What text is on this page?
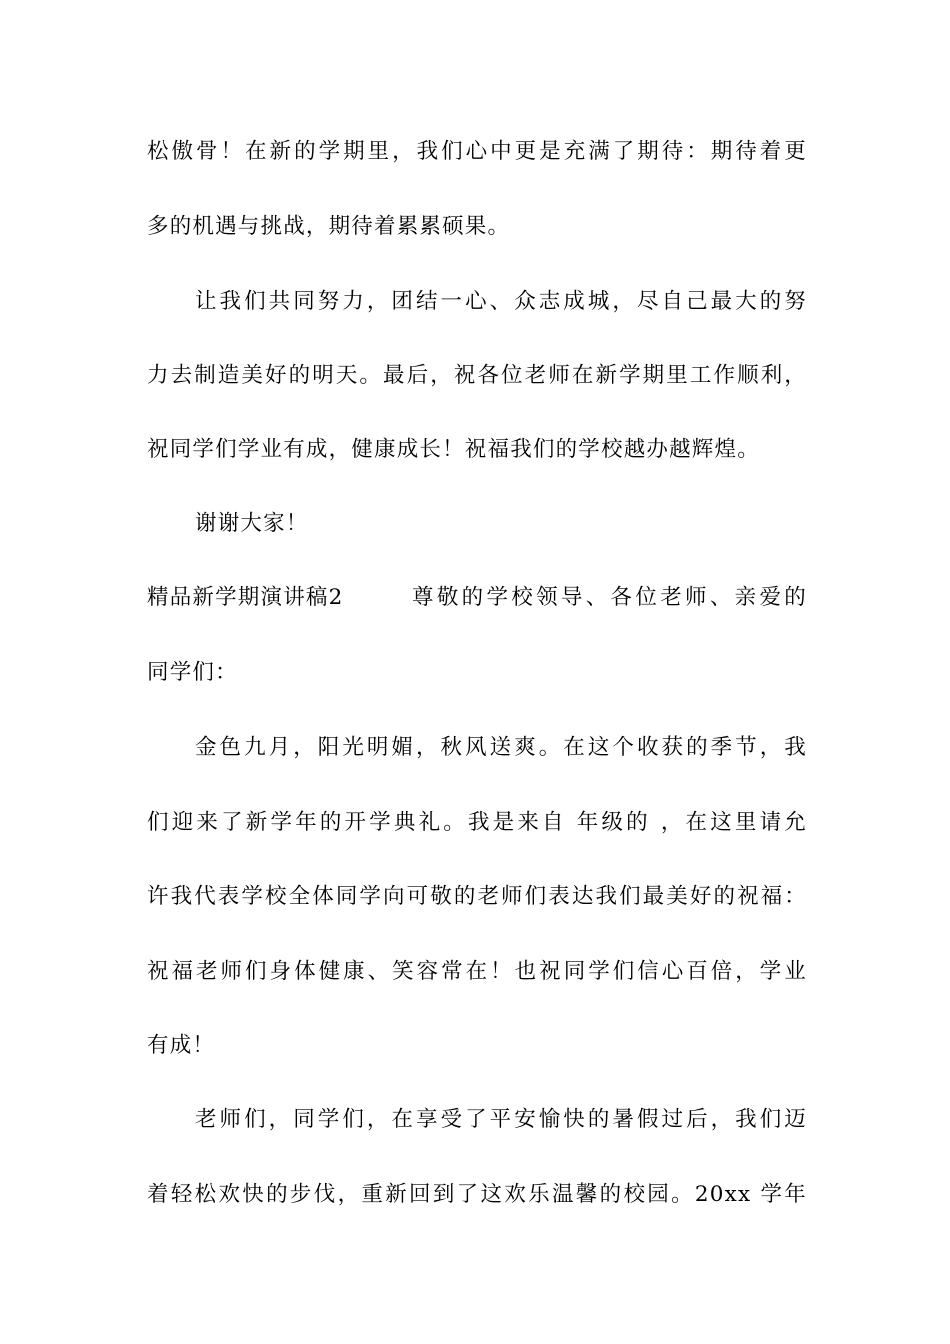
松傲骨！在新的学期里，我们心中更是充满了期待：期待着更
多的机遇与挑战，期待着累累硕果。
让我们共同努力，团结一心、众志成城，尽自己最大的努
力去制造美好的明天。最后，祝各位老师在新学期里工作顺利，
祝同学们学业有成，健康成长！祝福我们的学校越办越辉煌。
谢谢大家！
精品新学期演讲稿2	尊敬的学校领导、各位老师、亲爱的
同学们：
金色九月，阳光明媚，秋风送爽。在这个收获的季节，我
们迎来了新学年的开学典礼。我是来自 年级的 ，在这里请允
许我代表学校全体同学向可敬的老师们表达我们最美好的祝福：
祝福老师们身体健康、笑容常在！也祝同学们信心百倍，学业
有成！
老师们，同学们，在享受了平安愉快的暑假过后，我们迈
着轻松欢快的步伐，重新回到了这欢乐温馨的校园。20xx 学年
